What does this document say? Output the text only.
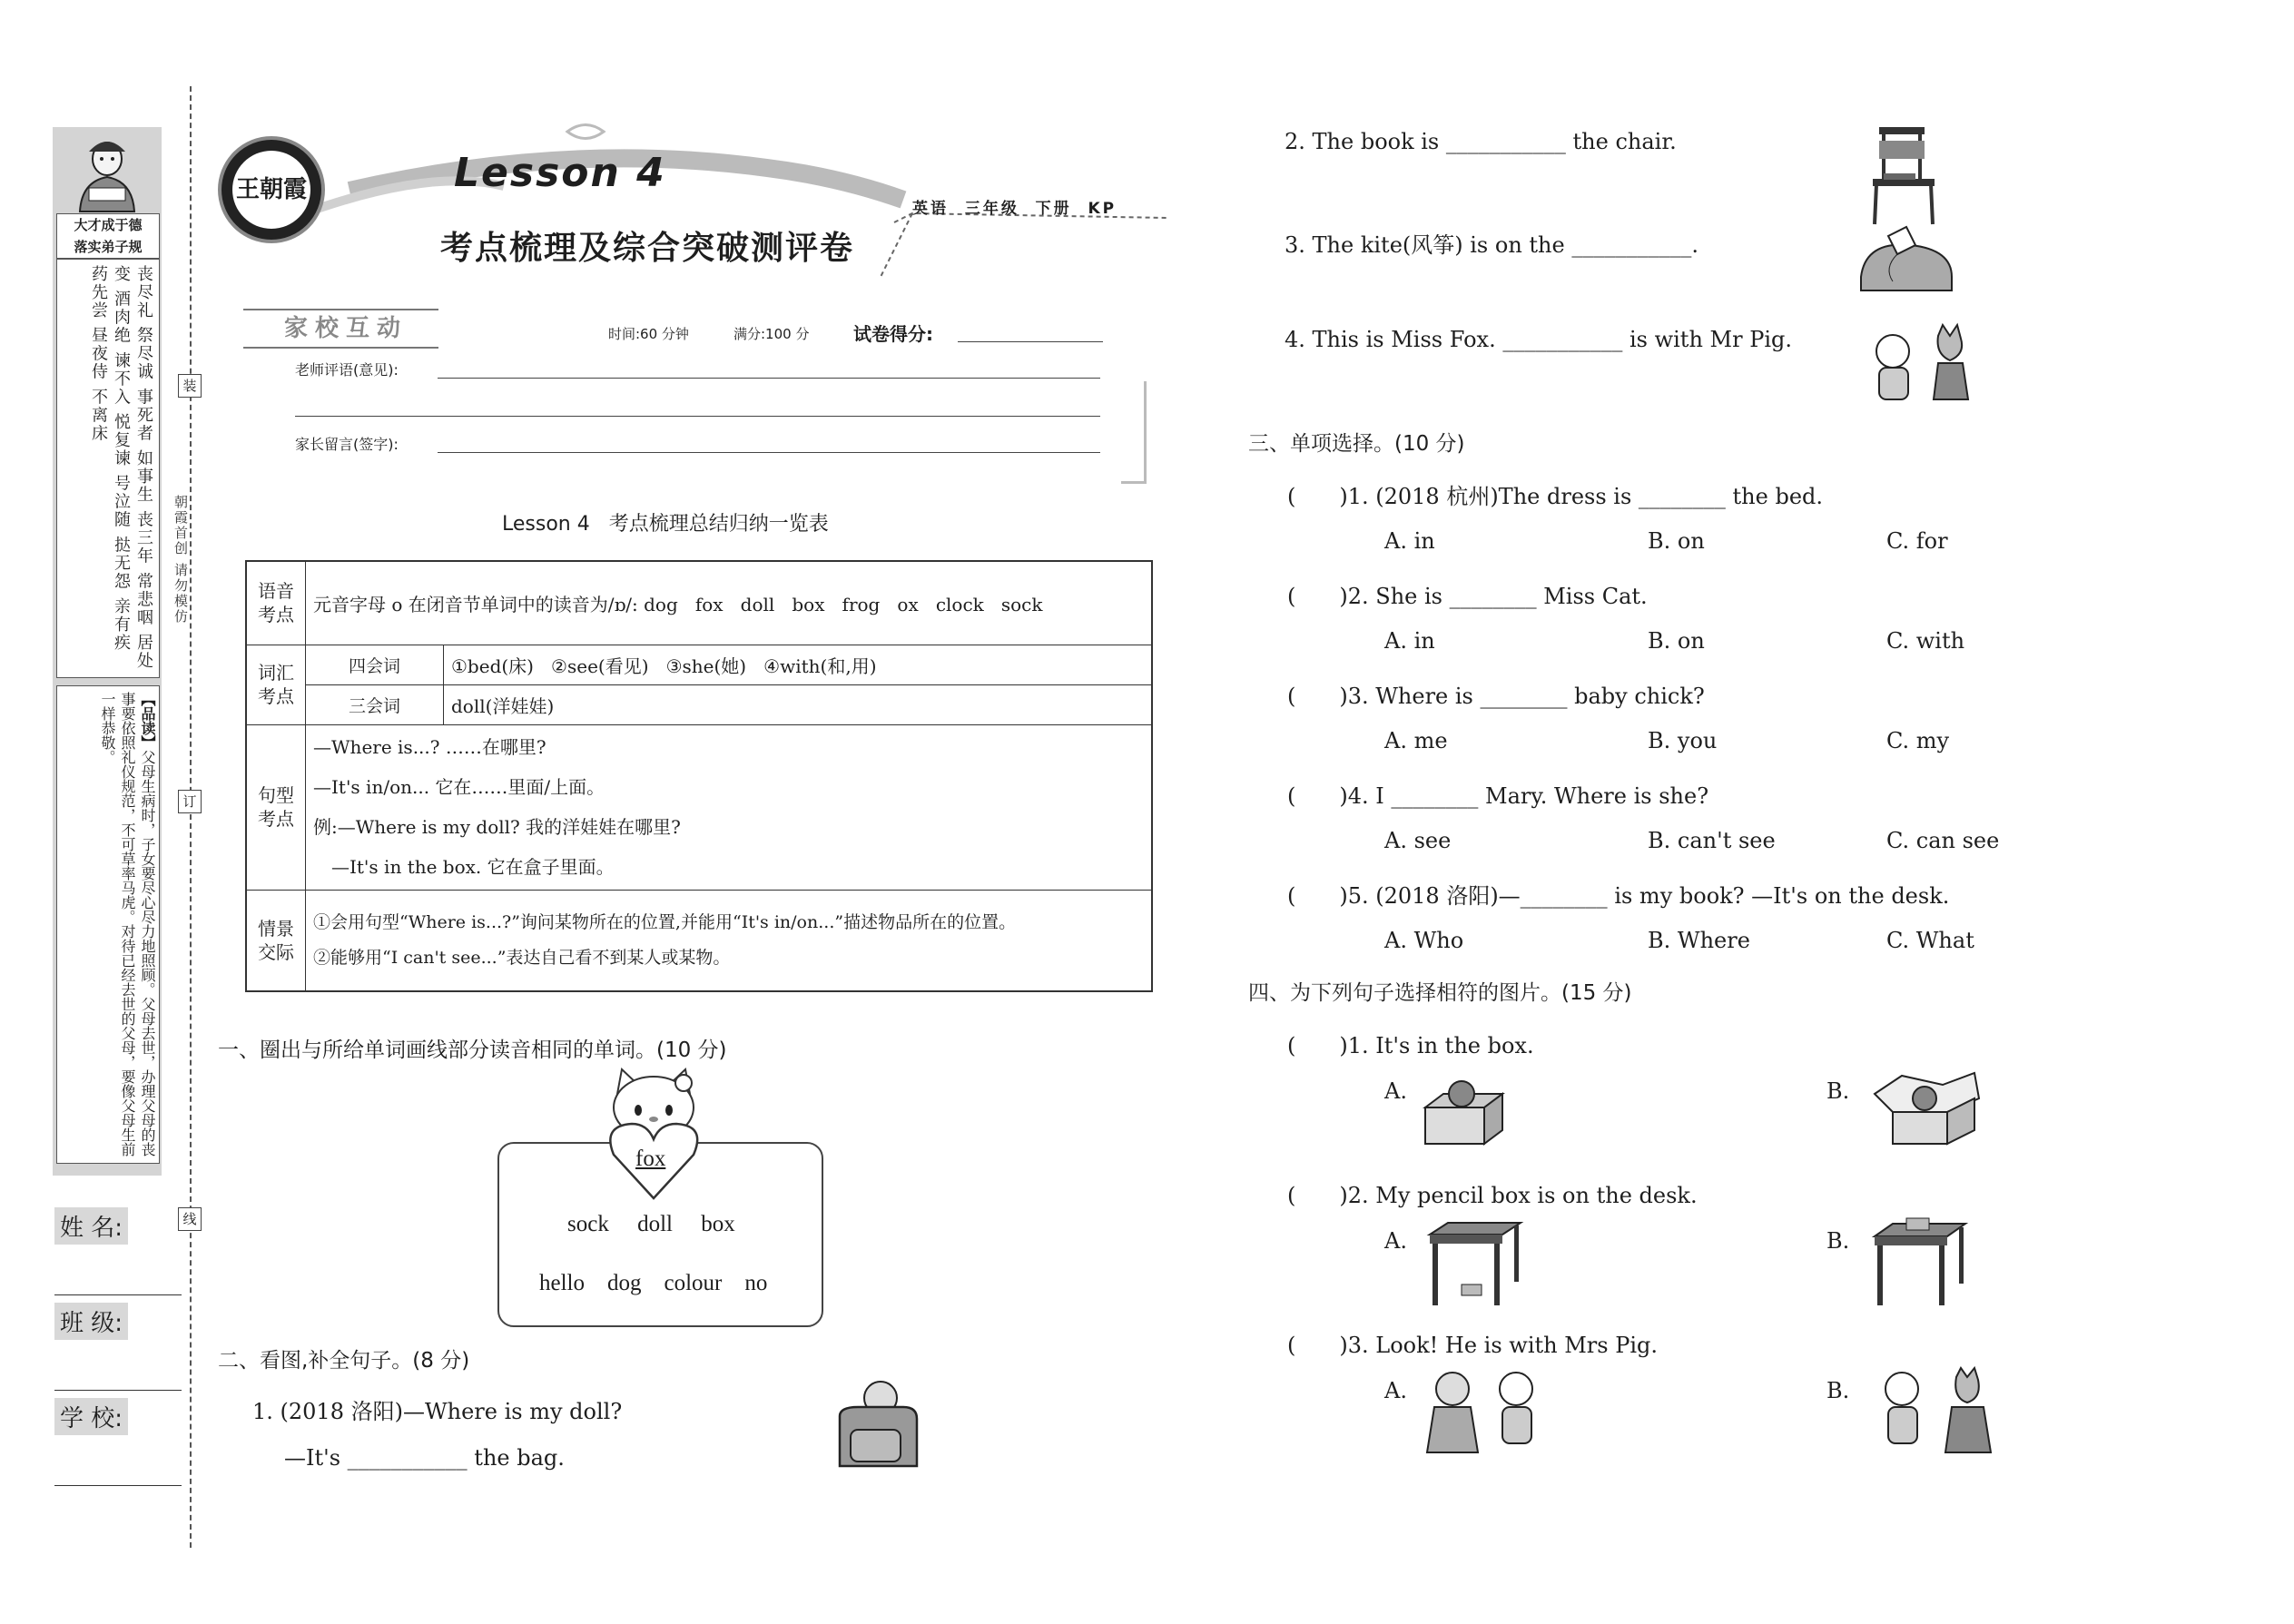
大才成于德
落实弟子规
丧尽礼 祭尽诚 事死者 如事生 丧三年 常悲咽 居处变 酒肉绝 谏不入 悦复谏 号泣随 挞无怨 亲有疾 药先尝 昼夜侍 不离床
【品读】父母生病时，子女要尽心尽力地照顾。父母去世，办理父母的丧事要依照礼仪规范，不可草率马虎。对待已经去世的父母，要像父母生前一样恭敬。
姓 名:
班 级:
学 校:
装
订
线
朝霞首创 请勿模仿
王朝霞	Lesson 4
考点梳理及综合突破测评卷
英语  三年级  下册  KP
家校互动	时间:60 分钟	满分:100 分 试卷得分:
老师评语(意见):
家长留言(签字):
Lesson 4   考点梳理总结归纳一览表
语音考点	元音字母 o 在闭音节单词中的读音为/ɒ/: dog   fox   doll   box   frog   ox   clock   sock	
词汇考点	四会词	①bed(床)   ②see(看见)   ③she(她)   ④with(和,用)
	三会词	doll(洋娃娃)
句型考点	—Where is...? ……在哪里?
—It's in/on... 它在……里面/上面。
例:—Where is my doll? 我的洋娃娃在哪里?
　—It's in the box. 它在盒子里面。	

情景交际	①会用句型“Where is...?”询问某物所在的位置,并能用“It's in/on...”描述物品所在的位置。
②能够用“I can't see...”表达自己看不到某人或某物。	
一、圈出与所给单词画线部分读音相同的单词。(10 分)
fox
sock doll box
hello dog colour no
二、看图,补全句子。(8 分)
1. (2018 洛阳)—Where is my doll?
—It's ___________ the bag.
2. The book is ___________ the chair.
3. The kite(风筝) is on the ___________.
4. This is Miss Fox. ___________ is with Mr Pig.
三、单项选择。(10 分)
(　　)1. (2018 杭州)The dress is ________ the bed.
A. in	B. on	C. for
(　　)2. She is ________ Miss Cat.
A. in	B. on	C. with
(　　)3. Where is ________ baby chick?
A. me	B. you	C. my
(　　)4. I ________ Mary. Where is she?
A. see	B. can't see	C. can see
(　　)5. (2018 洛阳)—________ is my book? —It's on the desk.
A. Who	B. Where	C. What
四、为下列句子选择相符的图片。(15 分)
(　　)1. It's in the box.
A.	B.
(　　)2. My pencil box is on the desk.
A.	B.
(　　)3. Look! He is with Mrs Pig.
A.	B.
